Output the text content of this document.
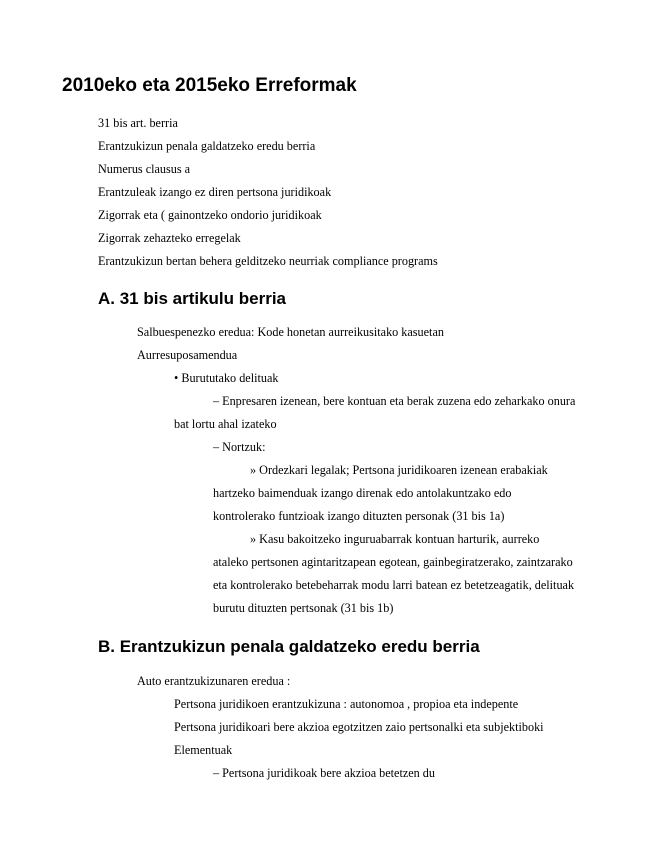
2010eko eta 2015eko Erreformak
31 bis art. berria
Erantzukizun penala galdatzeko eredu berria
Numerus clausus a
Erantzuleak izango ez diren pertsona juridikoak
Zigorrak eta ( gainontzeko ondorio juridikoak
Zigorrak zehazteko erregelak
Erantzukizun bertan behera gelditzeko neurriak compliance programs
A. 31 bis artikulu berria
Salbuespenezko eredua: Kode honetan aurreikusitako kasuetan
Aurresuposamendua
• Burututako delituak
– Enpresaren izenean, bere kontuan eta berak zuzena edo zeharkako onura
bat lortu ahal izateko
– Nortzuk:
» Ordezkari legalak; Pertsona juridikoaren izenean erabakiak
hartzeko baimenduak izango direnak edo antolakuntzako edo
kontrolerako funtzioak izango dituzten personak (31 bis 1a)
» Kasu bakoitzeko inguruabarrak kontuan harturik, aurreko
ataleko pertsonen agintaritzapean egotean, gainbegiratzerako, zaintzarako
eta kontrolerako betebeharrak modu larri batean ez betetzeagatik, delituak
burutu dituzten pertsonak (31 bis 1b)
B. Erantzukizun penala galdatzeko eredu berria
Auto erantzukizunaren eredua :
Pertsona juridikoen erantzukizuna : autonomoa , propioa eta indepente
Pertsona juridikoari bere akzioa egotzitzen zaio pertsonalki eta subjektiboki
Elementuak
– Pertsona juridikoak bere akzioa betetzen du
